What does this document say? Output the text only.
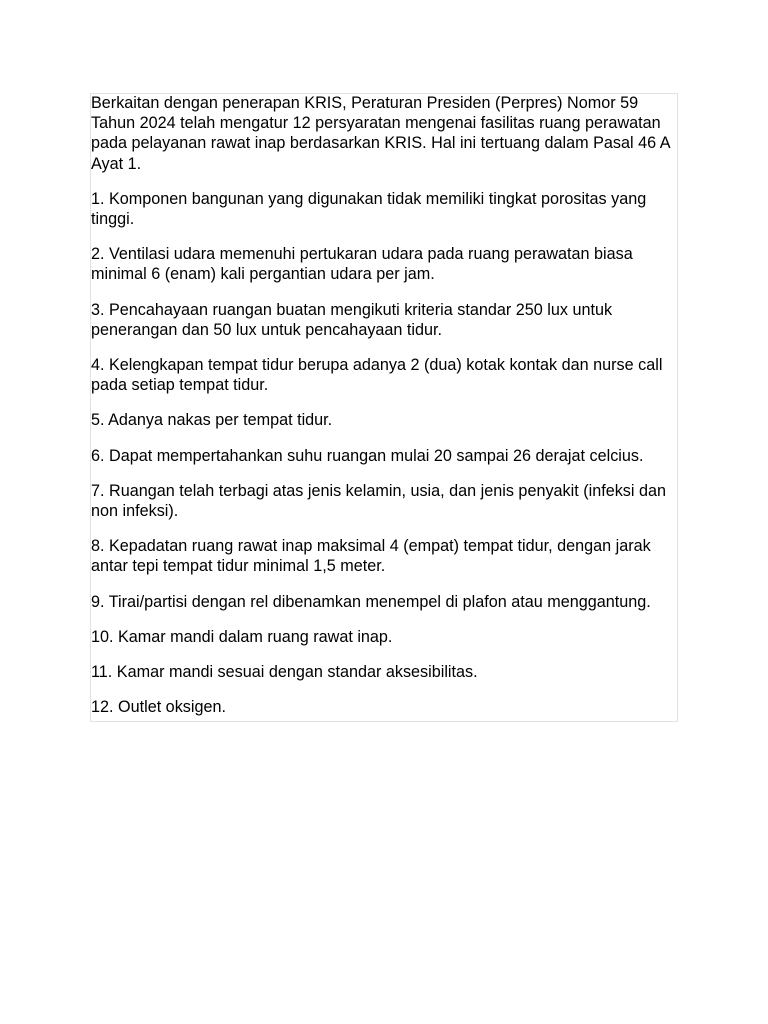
Berkaitan dengan penerapan KRIS, Peraturan Presiden (Perpres) Nomor 59 Tahun 2024 telah mengatur 12 persyaratan mengenai fasilitas ruang perawatan pada pelayanan rawat inap berdasarkan KRIS. Hal ini tertuang dalam Pasal 46 A Ayat 1.

1. Komponen bangunan yang digunakan tidak memiliki tingkat porositas yang tinggi.

2. Ventilasi udara memenuhi pertukaran udara pada ruang perawatan biasa minimal 6 (enam) kali pergantian udara per jam.

3. Pencahayaan ruangan buatan mengikuti kriteria standar 250 lux untuk penerangan dan 50 lux untuk pencahayaan tidur.

4. Kelengkapan tempat tidur berupa adanya 2 (dua) kotak kontak dan nurse call pada setiap tempat tidur.

5. Adanya nakas per tempat tidur.

6. Dapat mempertahankan suhu ruangan mulai 20 sampai 26 derajat celcius.

7. Ruangan telah terbagi atas jenis kelamin, usia, dan jenis penyakit (infeksi dan non infeksi).

8. Kepadatan ruang rawat inap maksimal 4 (empat) tempat tidur, dengan jarak antar tepi tempat tidur minimal 1,5 meter.

9. Tirai/partisi dengan rel dibenamkan menempel di plafon atau menggantung.

10. Kamar mandi dalam ruang rawat inap.

11. Kamar mandi sesuai dengan standar aksesibilitas.

12. Outlet oksigen.
